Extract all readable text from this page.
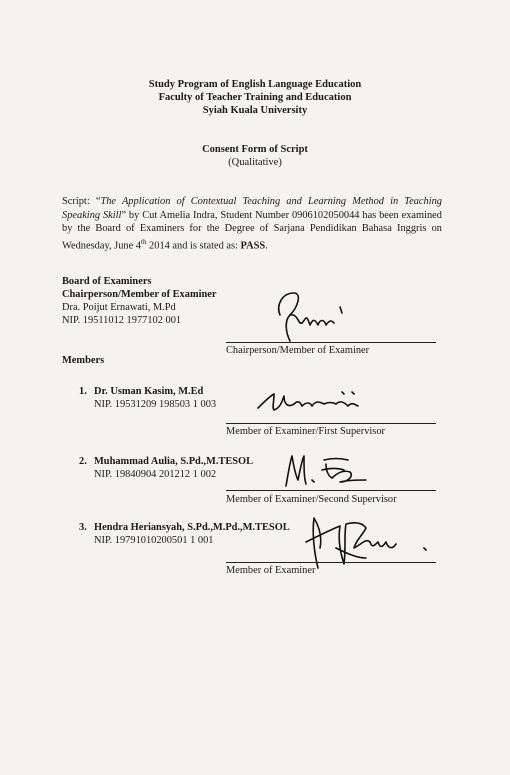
Study Program of English Language Education
Faculty of Teacher Training and Education
Syiah Kuala University
Consent Form of Script
(Qualitative)
Script: “The Application of Contextual Teaching and Learning Method in Teaching Speaking Skill” by Cut Amelia Indra, Student Number 0906102050044 has been examined by the Board of Examiners for the Degree of Sarjana Pendidikan Bahasa Inggris on Wednesday, June 4th 2014 and is stated as: PASS.
Board of Examiners
Chairperson/Member of Examiner
Dra. Poijut Ernawati, M.Pd
NIP. 19511012 1977102 001
Chairperson/Member of Examiner
Members
1. Dr. Usman Kasim, M.Ed
NIP. 19531209 198503 1 003
Member of Examiner/First Supervisor
2. Muhammad Aulia, S.Pd.,M.TESOL
NIP. 19840904 201212 1 002
Member of Examiner/Second Supervisor
3. Hendra Heriansyah, S.Pd.,M.Pd.,M.TESOL
NIP. 19791010200501 1 001
Member of Examiner
